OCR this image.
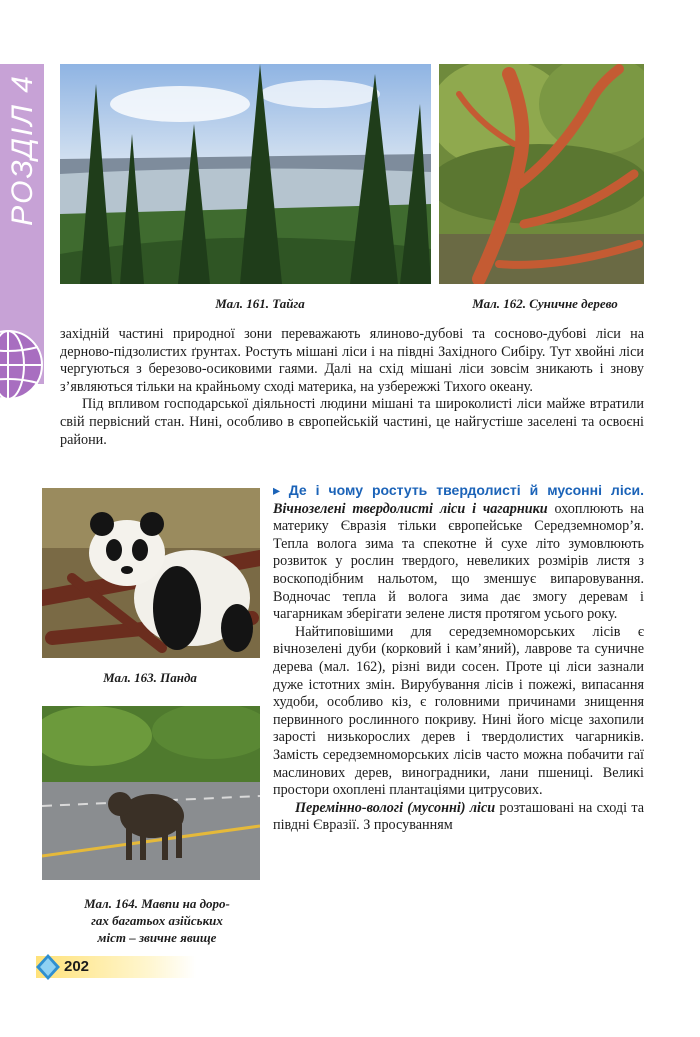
РОЗДІЛ 4
Мал. 161. Тайга	Мал. 162. Суничне дерево

західній частині природної зони переважають ялиново-дубові та сосново-дубові ліси на дерново-підзолистих ґрунтах. Ростуть мішані ліси і на півдні Західного Сибіру. Тут хвойні ліси чергуються з березово-осиковими гаями. Далі на схід мішані ліси зовсім зникають і знову з’являються тільки на крайньому сході материка, на узбережжі Тихого океану.

Під впливом господарської діяльності людини мішані та широколисті ліси майже втратили свій первісний стан. Нині, особливо в європейській частині, це найгустіше заселені та освоєні райони.

Мал. 163. Панда
Мал. 164. Мавпи на доро-
гах багатьох азійських
міст – звичне явище

▸ Де і чому ростуть твердолисті й мусонні ліси. Вічнозелені твердолисті ліси і чагарники охоплюють на материку Євразія тільки європейське Середземномор’я. Тепла волога зима та спекотне й сухе літо зумовлюють розвиток у рослин твердого, невеликих розмірів листя з воскоподібним нальотом, що зменшує випаровування. Водночас тепла й волога зима дає змогу деревам і чагарникам зберігати зелене листя протягом усього року.

Найтиповішими для середземноморських лісів є вічнозелені дуби (корковий і кам’яний), лаврове та суничне дерева (мал. 162), різні види сосен. Проте ці ліси зазнали дуже істотних змін. Вирубування лісів і пожежі, випасання худоби, особливо кіз, є головними причинами знищення первинного рослинного покриву. Нині його місце захопили зарості низькорослих дерев і твердолистих чагарників. Замість середземноморських лісів часто можна побачити гаї маслинових дерев, виноградники, лани пшениці. Великі простори охоплені плантаціями цитрусових.

Перемінно-вологі (мусонні) ліси розташовані на сході та півдні Євразії. З просуванням

202
